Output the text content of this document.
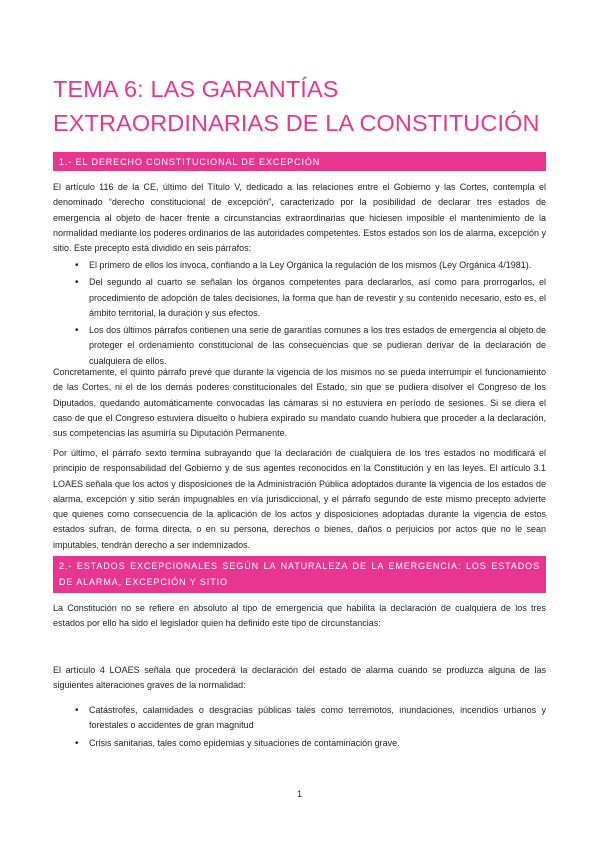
TEMA 6: LAS GARANTÍAS EXTRAORDINARIAS DE LA CONSTITUCIÓN
1.- EL DERECHO CONSTITUCIONAL DE EXCEPCIÓN

El artículo 116 de la CE, último del Título V, dedicado a las relaciones entre el Gobierno y las Cortes, contempla el denominado “derecho constitucional de excepción”, caracterizado por la posibilidad de declarar tres estados de emergencia al objeto de hacer frente a circunstancias extraordinarias que hiciesen imposible el mantenimiento de la normalidad mediante los poderes ordinarios de las autoridades competentes. Estos estados son los de alarma, excepción y sitio. Este precepto está dividido en seis párrafos:

• El primero de ellos los invoca, confiando a la Ley Orgánica la regulación de los mismos (Ley Orgánica 4/1981).
• Del segundo al cuarto se señalan los órganos competentes para declararlos, así como para prorrogarlos, el procedimiento de adopción de tales decisiones, la forma que han de revestir y su contenido necesario, esto es, el ámbito territorial, la duración y sus efectos.
• Los dos últimos párrafos contienen una serie de garantías comunes a los tres estados de emergencia al objeto de proteger el ordenamiento constitucional de las consecuencias que se pudieran derivar de la declaración de cualquiera de ellos.

Concretamente, el quinto párrafo prevé que durante la vigencia de los mismos no se pueda interrumpir el funcionamiento de las Cortes, ni el de los demás poderes constitucionales del Estado, sin que se pudiera disolver el Congreso de los Diputados, quedando automáticamente convocadas las cámaras si no estuviera en período de sesiones. Si se diera el caso de que el Congreso estuviera disuelto o hubiera expirado su mandato cuando hubiera que proceder a la declaración, sus competencias las asumiría su Diputación Permanente.

Por último, el párrafo sexto termina subrayando que la declaración de cualquiera de los tres estados no modificará el principio de responsabilidad del Gobierno y de sus agentes reconocidos en la Constitución y en las leyes. El artículo 3.1 LOAES señala que los actos y disposiciones de la Administración Pública adoptados durante la vigencia de los estados de alarma, excepción y sitio serán impugnables en vía jurisdiccional, y el párrafo segundo de este mismo precepto advierte que quienes como consecuencia de la aplicación de los actos y disposiciones adoptadas durante la vigencia de estos estados sufran, de forma directa, o en su persona, derechos o bienes, daños o perjuicios por actos que no le sean imputables, tendrán derecho a ser indemnizados.

2.- ESTADOS EXCEPCIONALES SEGÚN LA NATURALEZA DE LA EMERGENCIA: LOS ESTADOS DE ALARMA, EXCEPCIÓN Y SITIO

La Constitución no se refiere en absoluto al tipo de emergencia que habilita la declaración de cualquiera de los tres estados por ello ha sido el legislador quien ha definido este tipo de circunstancias:

El artículo 4 LOAES señala que procederá la declaración del estado de alarma cuando se produzca alguna de las siguientes alteraciones graves de la normalidad:

• Catástrofes, calamidades o desgracias públicas tales como terremotos, inundaciones, incendios urbanos y forestales o accidentes de gran magnitud
• Crisis sanitarias, tales como epidemias y situaciones de contaminación grave.
1
